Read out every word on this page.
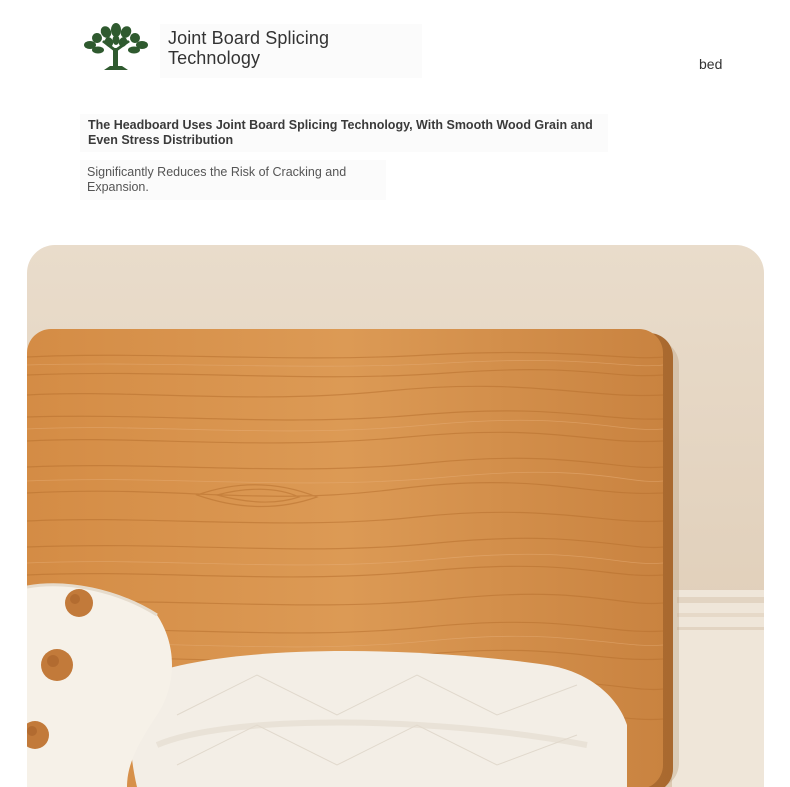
Joint Board Splicing Technology	bed
The Headboard Uses Joint Board Splicing Technology, With Smooth Wood Grain and Even Stress Distribution
Significantly Reduces the Risk of Cracking and Expansion.
